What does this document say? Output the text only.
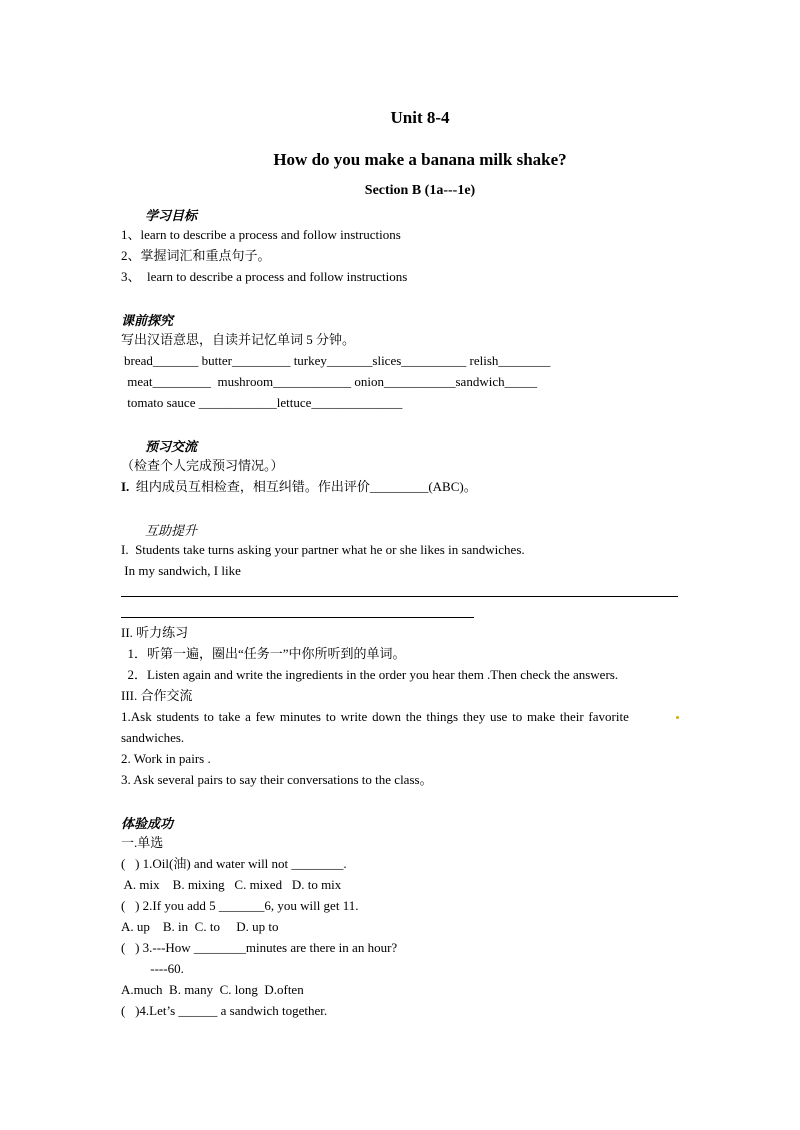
Unit 8-4
How do you make a banana milk shake?
Section B (1a---1e)
学习目标
1、learn to describe a process and follow instructions
2、掌握词汇和重点句子。
3、  learn to describe a process and follow instructions
课前探究
写出汉语意思，自读并记忆单词 5 分钟。
bread_______ butter_________ turkey_______slices__________ relish________
meat_________  mushroom____________ onion___________sandwich_____
tomato sauce ____________lettuce______________
预习交流
（检查个人完成预习情况。）
I. 组内成员互相检查，相互纠错。作出评价_________(ABC)。
互助提升
I.  Students take turns asking your partner what he or she likes in sandwiches.
In my sandwich, I like
II. 听力练习
1．听第一遍，圈出“任务一”中你所听到的单词。
2．Listen again and write the ingredients in the order you hear them .Then check the answers.
III. 合作交流
1.Ask students to take a few minutes to write down the things they use to make their favorite
sandwiches.
2. Work in pairs .
3. Ask several pairs to say their conversations to the class。
体验成功
一.单选
(   ) 1.Oil(油) and water will not ________.
A. mix    B. mixing   C. mixed   D. to mix
(   ) 2.If you add 5 _______6, you will get 11.
A. up    B. in  C. to     D. up to
(   ) 3.---How ________minutes are there in an hour?
----60.
A.much  B. many  C. long  D.often
(   )4.Let’s ______ a sandwich together.
